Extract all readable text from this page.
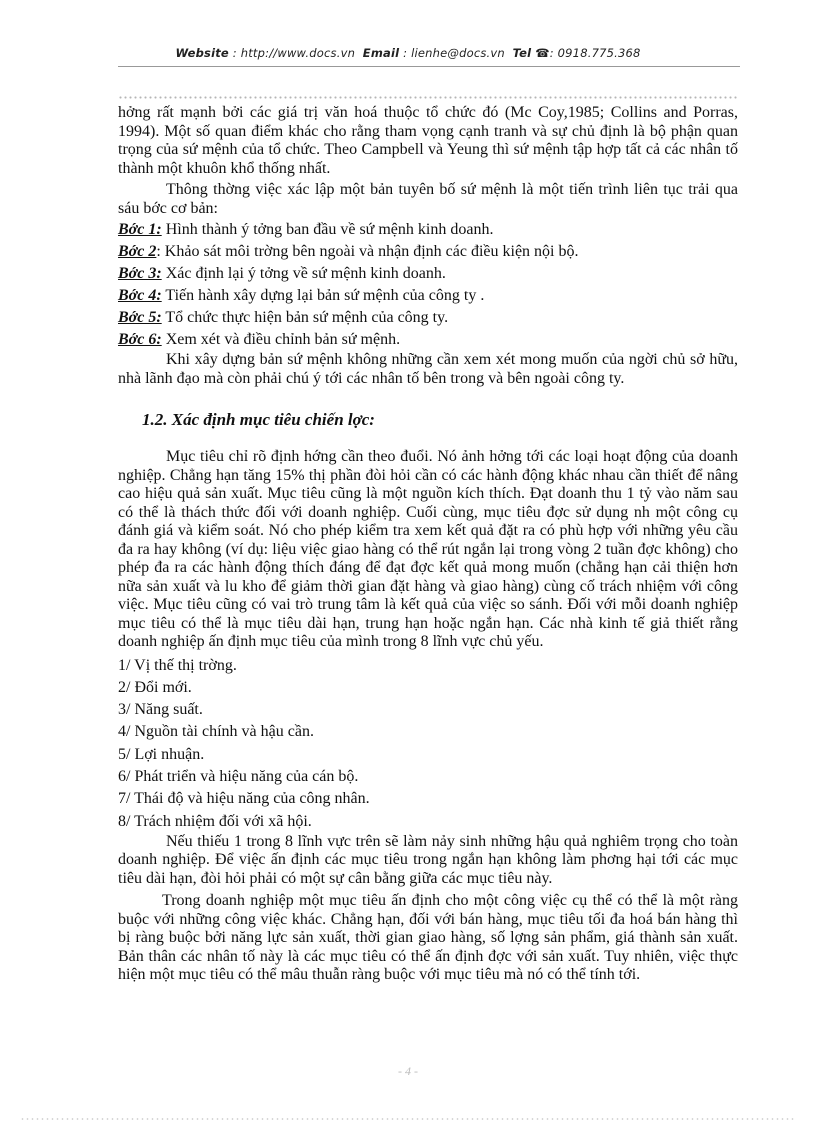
Website : http://www.docs.vn Email : lienhe@docs.vn Tel ☎: 0918.775.368

hởng rất mạnh bởi các giá trị văn hoá thuộc tổ chức đó (Mc Coy,1985; Collins and Porras, 1994). Một số quan điểm khác cho rằng tham vọng cạnh tranh và sự chủ định là bộ phận quan trọng của sứ mệnh của tổ chức. Theo Campbell và Yeung thì sứ mệnh tập hợp tất cả các nhân tố thành một khuôn khổ thống nhất.

Thông thờng việc xác lập một bản tuyên bố sứ mệnh là một tiến trình liên tục trải qua sáu bớc cơ bản:

Bớc 1: Hình thành ý tởng ban đầu về sứ mệnh kinh doanh.

Bớc 2: Khảo sát môi trờng bên ngoài và nhận định các điều kiện nội bộ.

Bớc 3: Xác định lại ý tởng về sứ mệnh kinh doanh.

Bớc 4: Tiến hành xây dựng lại bản sứ mệnh của công ty .

Bớc 5: Tổ chức thực hiện bản sứ mệnh của công ty.

Bớc 6: Xem xét và điều chỉnh bản sứ mệnh.

Khi xây dựng bản sứ mệnh không những cần xem xét mong muốn của ngời chủ sở hữu, nhà lãnh đạo mà còn phải chú ý tới các nhân tố bên trong và bên ngoài công ty.

1.2. Xác định mục tiêu chiến lợc:

Mục tiêu chỉ rõ định hớng cần theo đuổi. Nó ảnh hởng tới các loại hoạt động của doanh nghiệp. Chẳng hạn tăng 15% thị phần đòi hỏi cần có các hành động khác nhau cần thiết để nâng cao hiệu quả sản xuất. Mục tiêu cũng là một nguồn kích thích. Đạt doanh thu 1 tỷ vào năm sau có thể là thách thức đối với doanh nghiệp. Cuối cùng, mục tiêu đợc sử dụng nh một công cụ đánh giá và kiểm soát. Nó cho phép kiểm tra xem kết quả đặt ra có phù hợp với những yêu cầu đa ra hay không (ví dụ: liệu việc giao hàng có thể rút ngắn lại trong vòng 2 tuần đợc không) cho phép đa ra các hành động thích đáng để đạt đợc kết quả mong muốn (chẳng hạn cải thiện hơn nữa sản xuất và lu kho để giảm thời gian đặt hàng và giao hàng) cùng cố trách nhiệm với công việc. Mục tiêu cũng có vai trò trung tâm là kết quả của việc so sánh. Đối với mỗi doanh nghiệp mục tiêu có thể là mục tiêu dài hạn, trung hạn hoặc ngắn hạn. Các nhà kinh tế giả thiết rằng doanh nghiệp ấn định mục tiêu của mình trong 8 lĩnh vực chủ yếu.

1/ Vị thế thị trờng.

2/ Đổi mới.

3/ Năng suất.

4/ Nguồn tài chính và hậu cần.

5/ Lợi nhuận.

6/ Phát triển và hiệu năng của cán bộ.

7/ Thái độ và hiệu năng của công nhân.

8/ Trách nhiệm đối với xã hội.

Nếu thiếu 1 trong 8 lĩnh vực trên sẽ làm nảy sinh những hậu quả nghiêm trọng cho toàn doanh nghiệp. Để việc ấn định các mục tiêu trong ngắn hạn không làm phơng hại tới các mục tiêu dài hạn, đòi hỏi phải có một sự cân bằng giữa các mục tiêu này.

Trong doanh nghiệp một mục tiêu ấn định cho một công việc cụ thể có thể là một ràng buộc với những công việc khác. Chẳng hạn, đối với bán hàng, mục tiêu tối đa hoá bán hàng thì bị ràng buộc bởi năng lực sản xuất, thời gian giao hàng, số lợng sản phẩm, giá thành sản xuất. Bản thân các nhân tố này là các mục tiêu có thể ấn định đợc với sản xuất. Tuy nhiên, việc thực hiện một mục tiêu có thể mâu thuẫn ràng buộc với mục tiêu mà nó có thể tính tới.

- 4 -
